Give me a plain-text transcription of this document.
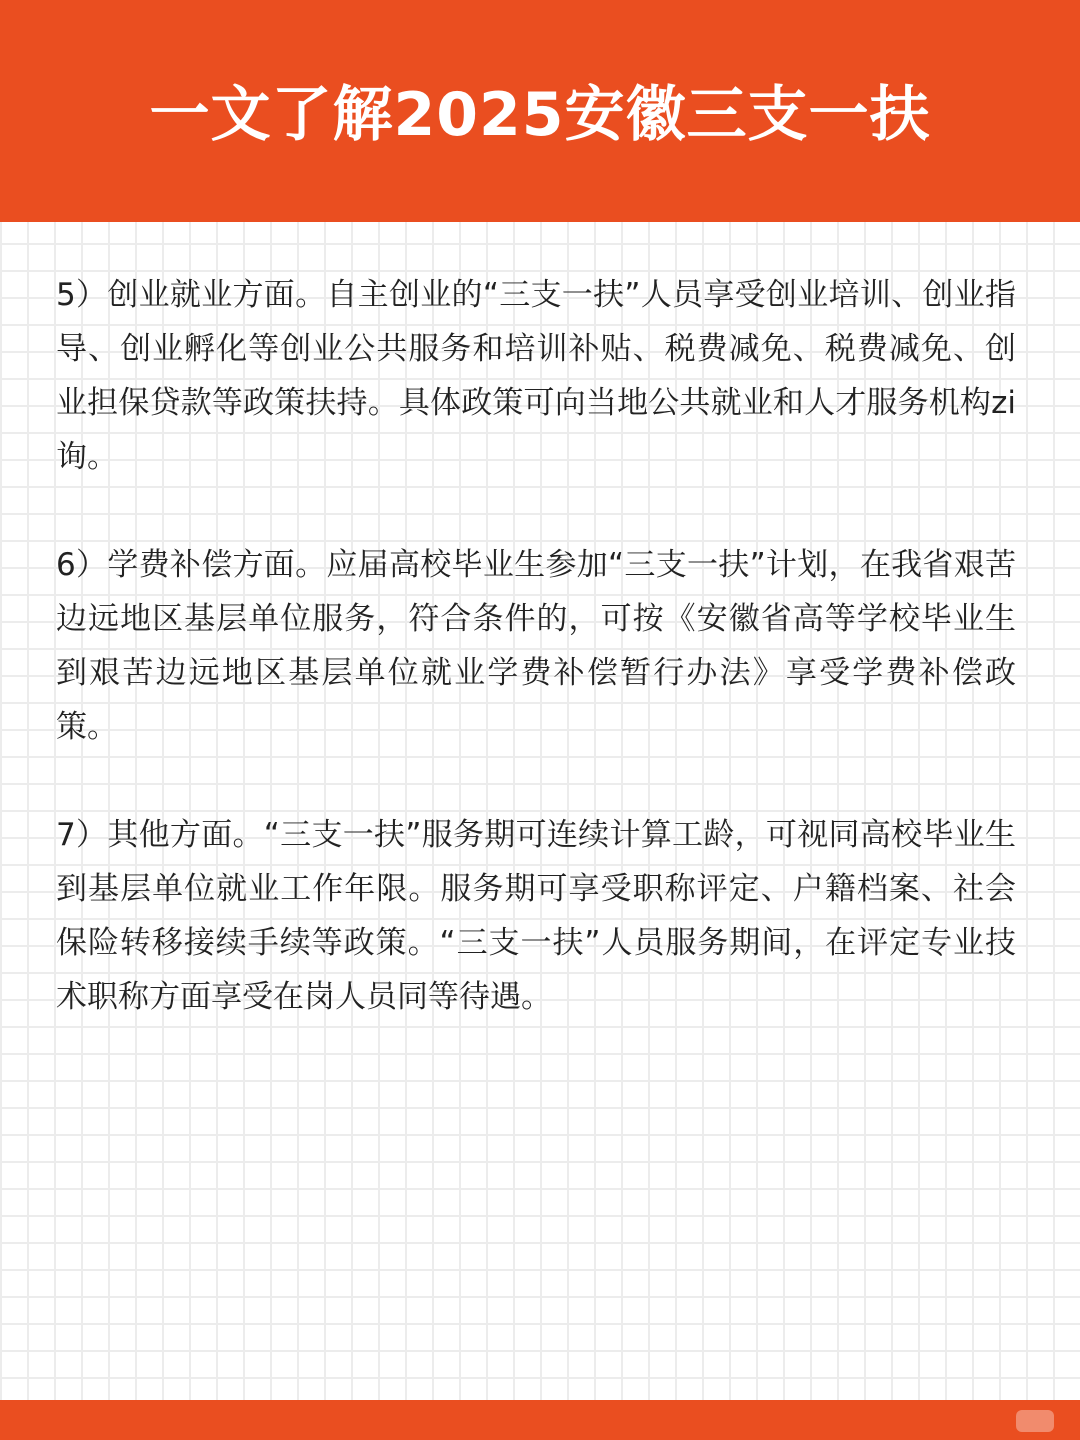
一文了解2025安徽三支一扶

5）创业就业方面。自主创业的“三支一扶”人员享受创业培训、创业指导、创业孵化等创业公共服务和培训补贴、税费减免、税费减免、创业担保贷款等政策扶持。具体政策可向当地公共就业和人才服务机构zi询。

6）学费补偿方面。应届高校毕业生参加“三支一扶”计划，在我省艰苦边远地区基层单位服务，符合条件的，可按《安徽省高等学校毕业生到艰苦边远地区基层单位就业学费补偿暂行办法》享受学费补偿政策。

7）其他方面。“三支一扶”服务期可连续计算工龄，可视同高校毕业生到基层单位就业工作年限。服务期可享受职称评定、户籍档案、社会保险转移接续手续等政策。“三支一扶”人员服务期间，在评定专业技术职称方面享受在岗人员同等待遇。
